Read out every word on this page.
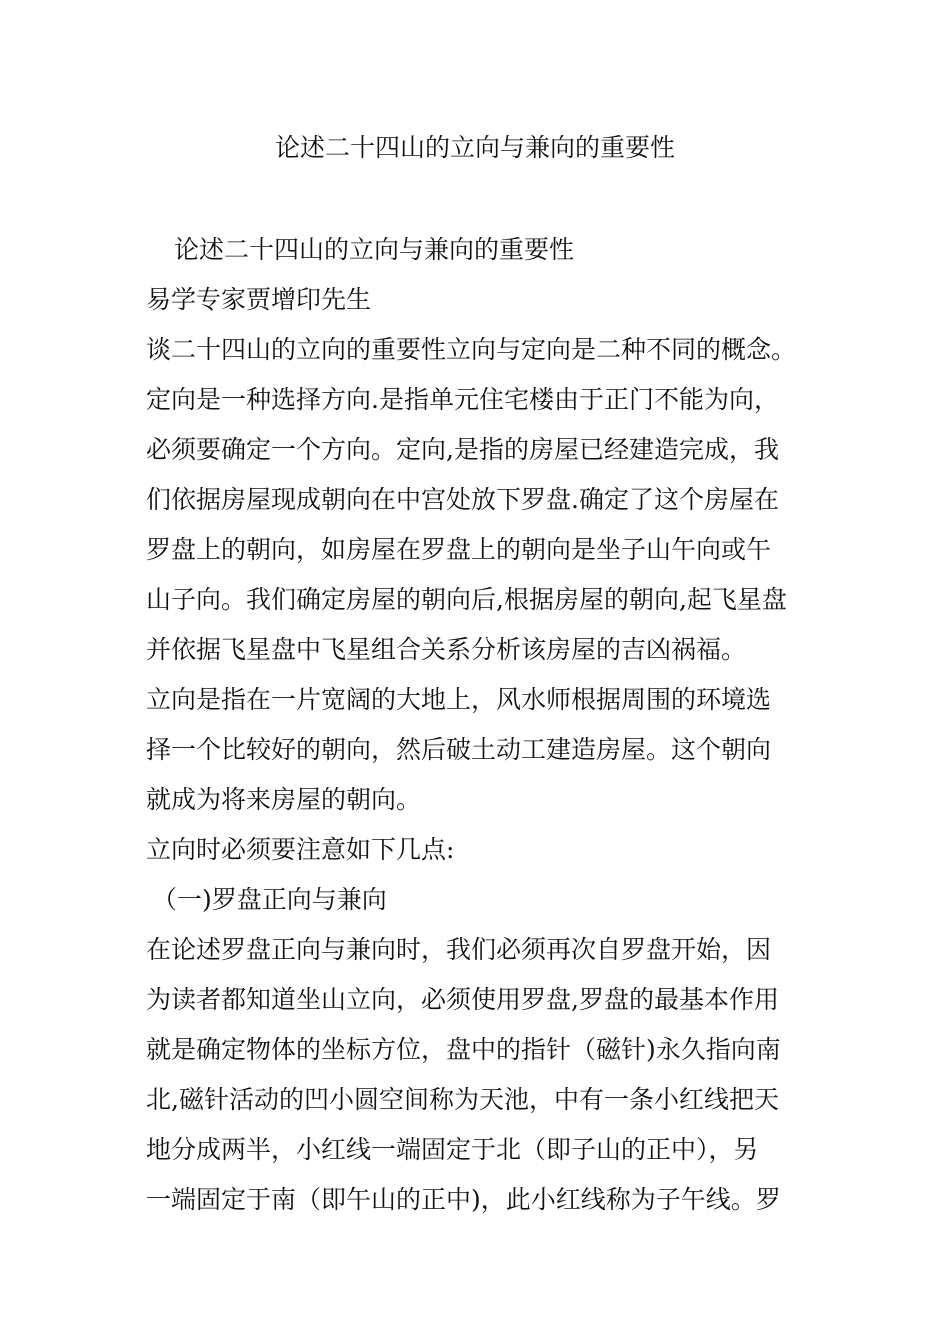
论述二十四山的立向与兼向的重要性
论述二十四山的立向与兼向的重要性
易学专家贾增印先生
谈二十四山的立向的重要性立向与定向是二种不同的概念。
定向是一种选择方向.是指单元住宅楼由于正门不能为向，
必须要确定一个方向。定向,是指的房屋已经建造完成，我
们依据房屋现成朝向在中宫处放下罗盘.确定了这个房屋在
罗盘上的朝向，如房屋在罗盘上的朝向是坐子山午向或午
山子向。我们确定房屋的朝向后,根据房屋的朝向,起飞星盘
并依据飞星盘中飞星组合关系分析该房屋的吉凶祸福。
立向是指在一片宽阔的大地上，风水师根据周围的环境选
择一个比较好的朝向，然后破土动工建造房屋。这个朝向
就成为将来房屋的朝向。
立向时必须要注意如下几点:
（一)罗盘正向与兼向
在论述罗盘正向与兼向时，我们必须再次自罗盘开始，因
为读者都知道坐山立向，必须使用罗盘,罗盘的最基本作用
就是确定物体的坐标方位，盘中的指针（磁针)永久指向南
北,磁针活动的凹小圆空间称为天池，中有一条小红线把天
地分成两半，小红线一端固定于北（即子山的正中），另
一端固定于南（即午山的正中)，此小红线称为子午线。罗
